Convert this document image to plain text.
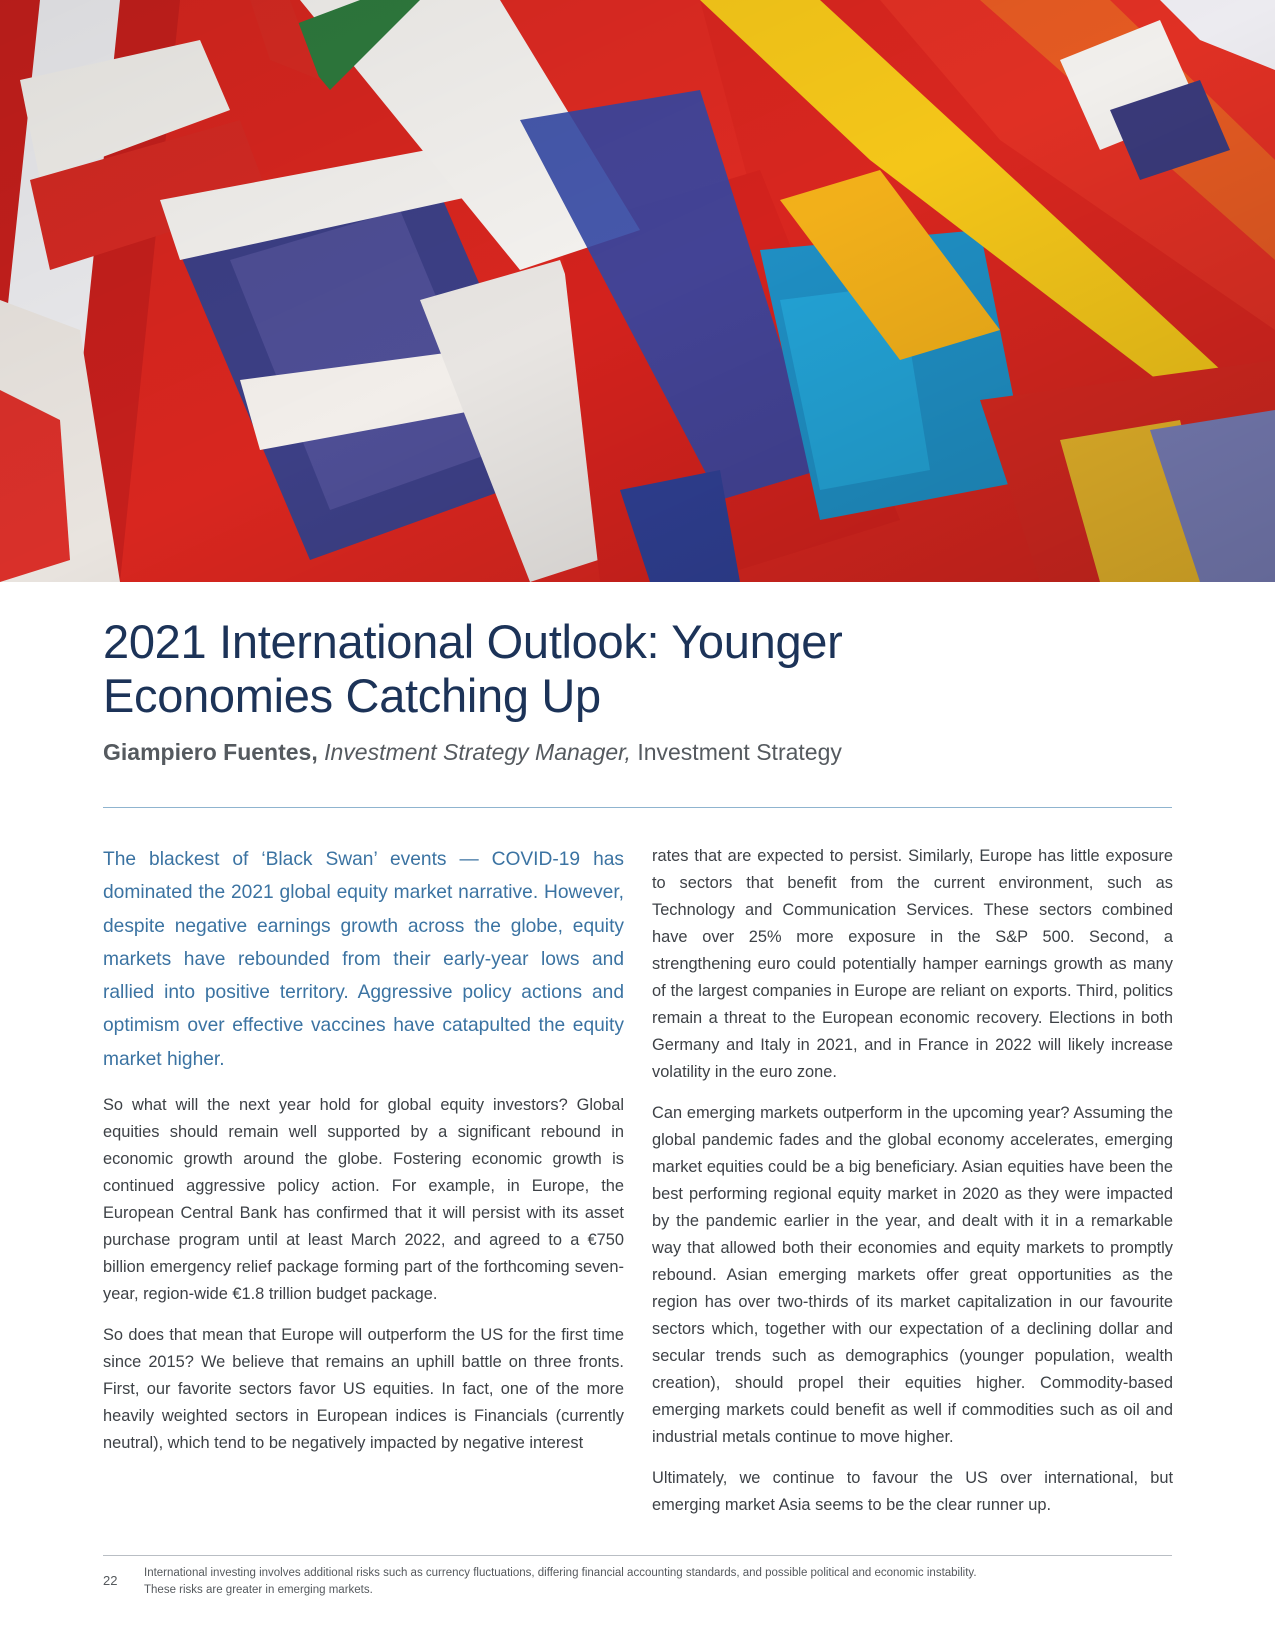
2021 International Outlook: Younger
Economies Catching Up
Giampiero Fuentes, Investment Strategy Manager, Investment Strategy

The blackest of ‘Black Swan’ events — COVID-19 has dominated the 2021 global equity market narrative. However, despite negative earnings growth across the globe, equity markets have rebounded from their early-year lows and rallied into positive territory. Aggressive policy actions and optimism over effective vaccines have catapulted the equity market higher.

So what will the next year hold for global equity investors? Global equities should remain well supported by a significant rebound in economic growth around the globe. Fostering economic growth is continued aggressive policy action. For example, in Europe, the European Central Bank has confirmed that it will persist with its asset purchase program until at least March 2022, and agreed to a €750 billion emergency relief package forming part of the forthcoming seven-year, region-wide €1.8 trillion budget package.

So does that mean that Europe will outperform the US for the first time since 2015? We believe that remains an uphill battle on three fronts. First, our favorite sectors favor US equities. In fact, one of the more heavily weighted sectors in European indices is Financials (currently neutral), which tend to be negatively impacted by negative interest

rates that are expected to persist. Similarly, Europe has little exposure to sectors that benefit from the current environment, such as Technology and Communication Services. These sectors combined have over 25% more exposure in the S&P 500. Second, a strengthening euro could potentially hamper earnings growth as many of the largest companies in Europe are reliant on exports. Third, politics remain a threat to the European economic recovery. Elections in both Germany and Italy in 2021, and in France in 2022 will likely increase volatility in the euro zone.

Can emerging markets outperform in the upcoming year? Assuming the global pandemic fades and the global economy accelerates, emerging market equities could be a big beneficiary. Asian equities have been the best performing regional equity market in 2020 as they were impacted by the pandemic earlier in the year, and dealt with it in a remarkable way that allowed both their economies and equity markets to promptly rebound. Asian emerging markets offer great opportunities as the region has over two-thirds of its market capitalization in our favourite sectors which, together with our expectation of a declining dollar and secular trends such as demographics (younger population, wealth creation), should propel their equities higher. Commodity-based emerging markets could benefit as well if commodities such as oil and industrial metals continue to move higher.

Ultimately, we continue to favour the US over international, but emerging market Asia seems to be the clear runner up.

22 International investing involves additional risks such as currency fluctuations, differing financial accounting standards, and possible political and economic instability.
These risks are greater in emerging markets.
